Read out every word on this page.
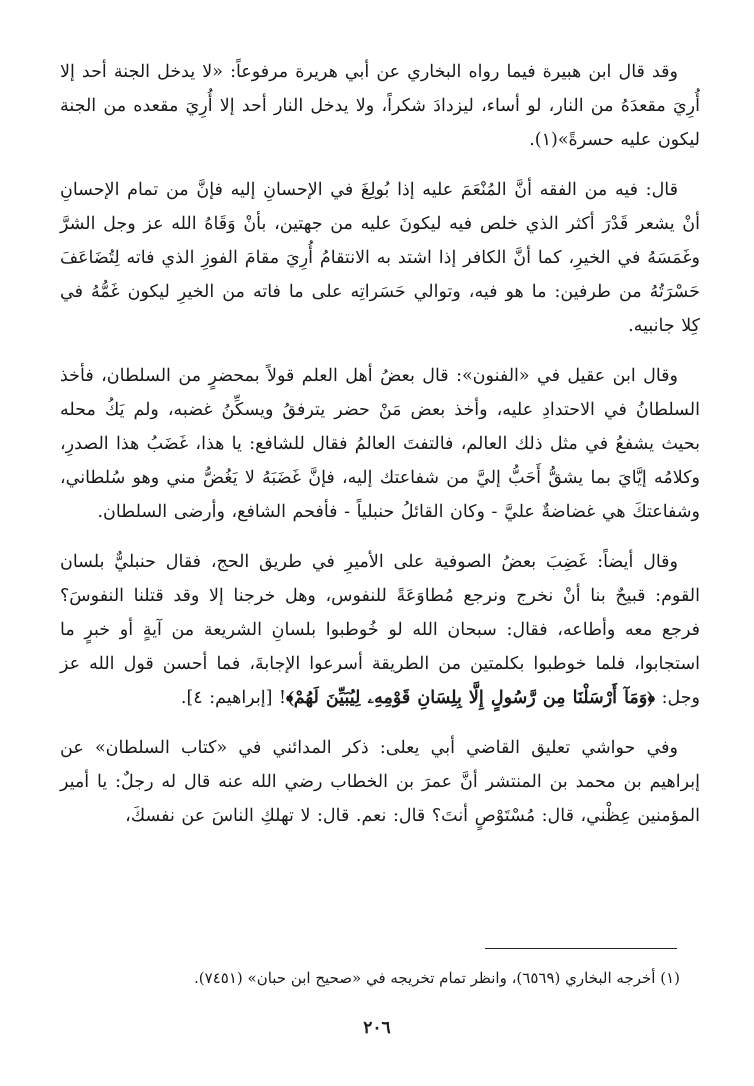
وقد قال ابن هبيرة فيما رواه البخاري عن أبي هريرة مرفوعاً: «لا يدخل الجنة أحد إلا أُرِيَ مقعدَهُ من النار، لو أساء، ليزدادَ شكراً، ولا يدخل النار أحد إلا أُرِيَ مقعده من الجنة ليكون عليه حسرةً»(١).

قال: فيه من الفقه أنَّ المُنْعَمَ عليه إذا بُولِغَ في الإحسانِ إليه فإنَّ من تمام الإحسانِ أنْ يشعر قَدْرَ أكثر الذي خلص فيه ليكونَ عليه من جهتين، بأنْ وَقَاهُ الله عز وجل الشرَّ وغَمَسَهُ في الخيرِ، كما أنَّ الكافر إذا اشتد به الانتقامُ أُرِيَ مقامَ الفوزِ الذي فاته لِتُضَاعَفَ حَسْرَتُهُ من طرفين: ما هو فيه، وتوالي حَسَراتِه على ما فاته من الخيرِ ليكون غَمُّهُ في كِلا جانبيه.

وقال ابن عقيل في «الفنون»: قال بعضُ أهل العلم قولاً بمحضرٍ من السلطان، فأخذ السلطانُ في الاحتدادِ عليه، وأخذ بعض مَنْ حضر يترفقُ ويسكِّنُ غضبه، ولم يَكُ محله بحيث يشفعُ في مثل ذلك العالم، فالتفتَ العالمُ فقال للشافع: يا هذا، غَضَبُ هذا الصدرِ، وكلامُه إيَّايَ بما يشقُّ أَحَبُّ إليَّ من شفاعتك إليه، فإنَّ غَضَبَهُ لا يَغُضُّ مني وهو سُلطاني، وشفاعتكَ هي غضاضةٌ عليَّ - وكان القائلُ حنبلياً - فأفحم الشافع، وأرضى السلطان.

وقال أيضاً: غَضِبَ بعضُ الصوفية على الأميرِ في طريق الحج، فقال حنبليٌّ بلسان القوم: قبيحٌ بنا أنْ نخرج ونرجع مُطاوَعَةً للنفوس، وهل خرجنا إلا وقد قتلنا النفوسَ؟ فرجع معه وأطاعه، فقال: سبحان الله لو خُوطبوا بلسانِ الشريعة من آيةٍ أو خبرٍ ما استجابوا، فلما خوطبوا بكلمتين من الطريقة أسرعوا الإجابةَ، فما أحسن قول الله عز وجل: ﴿وَمَآ أَرْسَلْنَا مِن رَّسُولٍ إِلَّا بِلِسَانِ قَوْمِهِۦ لِيُبَيِّنَ لَهُمْ﴾! [إبراهيم: ٤].

وفي حواشي تعليق القاضي أبي يعلى: ذكر المدائني في «كتاب السلطان» عن إبراهيم بن محمد بن المنتشر أنَّ عمرَ بن الخطاب رضي الله عنه قال له رجلٌ: يا أمير المؤمنين عِظْني، قال: مُسْتَوْصٍ أنتَ؟ قال: نعم. قال: لا تهلكِ الناسَ عن نفسكَ،

(١) أخرجه البخاري (٦٥٦٩)، وانظر تمام تخريجه في «صحيح ابن حبان» (٧٤٥١).
٢٠٦
